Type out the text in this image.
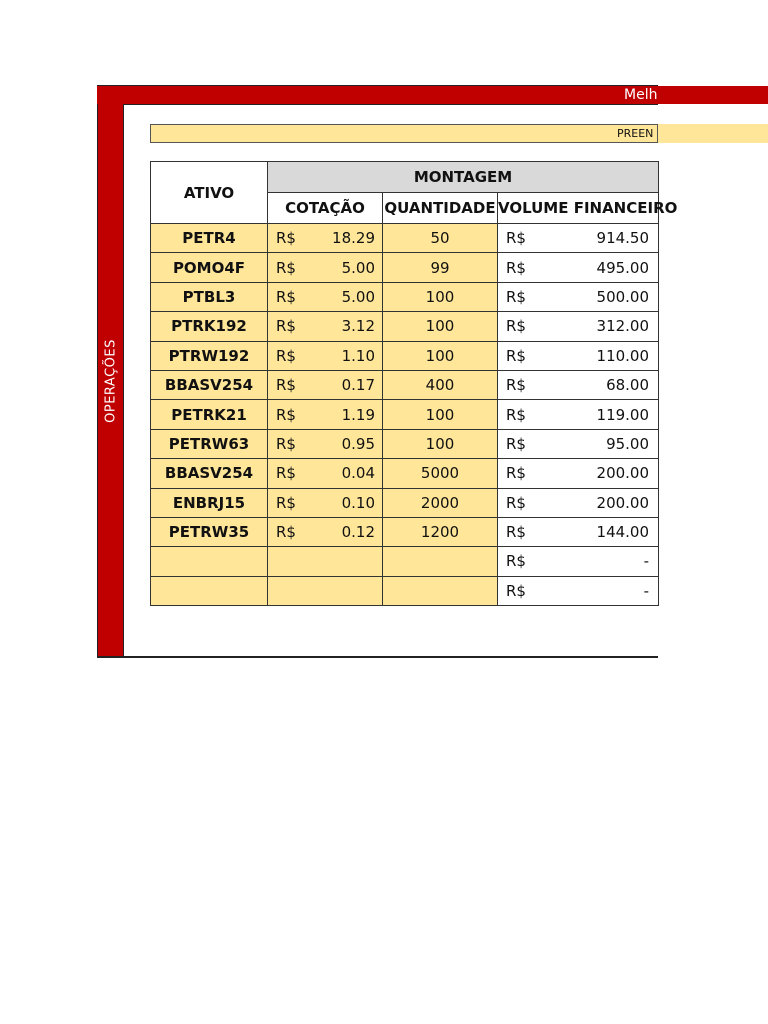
Melh
OPERAÇÕES
PREEN
ATIVO	MONTAGEM		
	COTAÇÃO	QUANTIDADE	VOLUME FINANCEIRO
PETR4	R$ 18.29	50	R$ 914.50

POMO4F	R$ 5.00	99	R$ 495.00

PTBL3	R$ 5.00	100	R$ 500.00

PTRK192	R$ 3.12	100	R$ 312.00

PTRW192	R$ 1.10	100	R$ 110.00

BBASV254	R$ 0.17	400	R$ 68.00

PETRK21	R$ 1.19	100	R$ 119.00

PETRW63	R$ 0.95	100	R$ 95.00

BBASV254	R$ 0.04	5000	R$ 200.00

ENBRJ15	R$ 0.10	2000	R$ 200.00

PETRW35	R$ 0.12	1200	R$ 144.00

			R$ -

			R$ -
